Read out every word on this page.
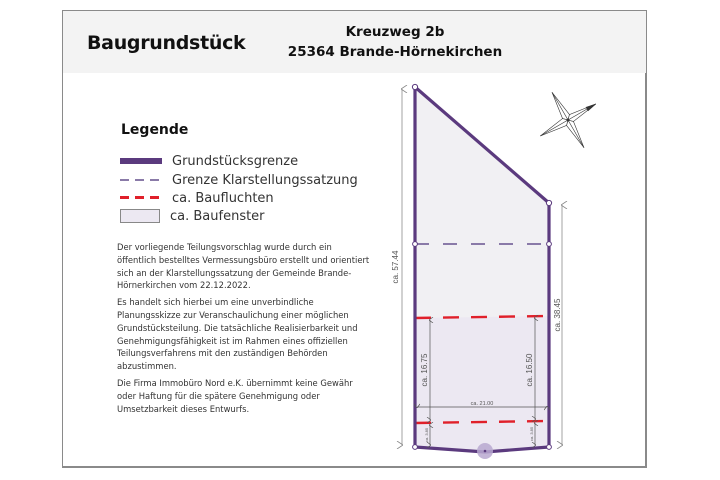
Baugrundstück	Kreuzweg 2b
25364 Brande-Hörnekirchen
Legende
Grundstücksgrenze
Grenze Klarstellungssatzung
ca. Baufluchten
ca. Baufenster

Der vorliegende Teilungsvorschlag wurde durch ein öffentlich bestelltes Vermessungsbüro erstellt und orientiert sich an der Klarstellungssatzung der Gemeinde Brande-Hörnerkirchen vom 22.12.2022.

Es handelt sich hierbei um eine unverbindliche Planungsskizze zur Veranschaulichung einer möglichen Grundstücksteilung. Die tatsächliche Realisierbarkeit und Genehmigungsfähigkeit ist im Rahmen eines offiziellen Teilungsverfahrens mit den zuständigen Behörden abzustimmen.

Die Firma Immobüro Nord e.K. übernimmt keine Gewähr oder Haftung für die spätere Genehmigung oder Umsetzbarkeit dieses Entwurfs.

ca. 57.44
ca. 38.45
ca. 16.75	ca. 16.50
ca. 21.00
ca. 3.85	ca. 3.85
